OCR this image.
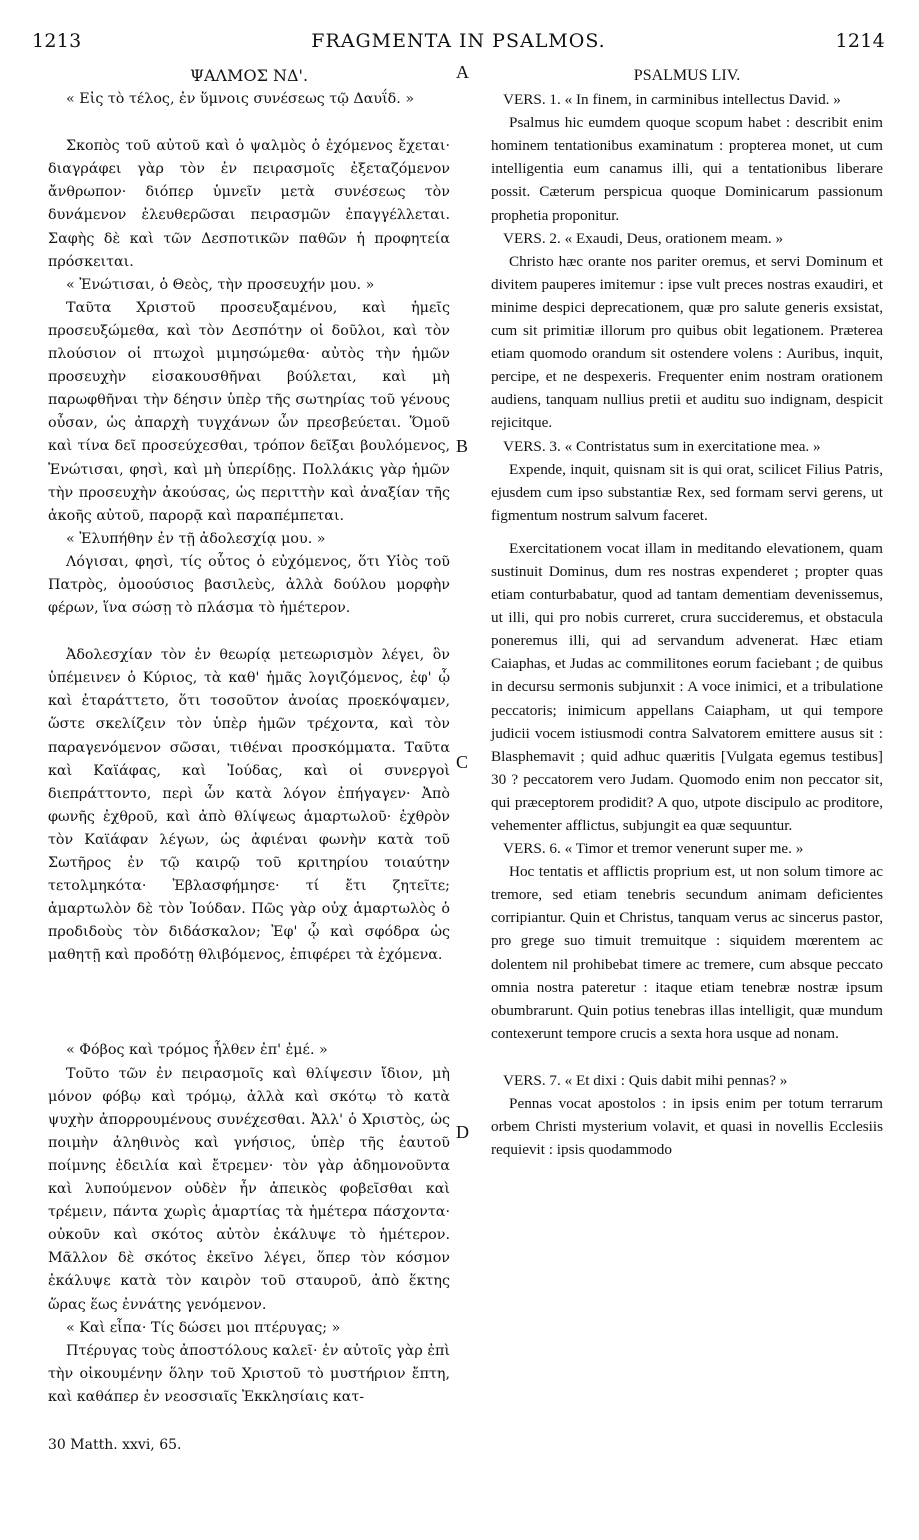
1213	FRAGMENTA IN PSALMOS.	1214
A
B
C
D

ΨΑΛΜΟΣ ΝΔ'.

« Εἰς τὸ τέλος, ἐν ὕμνοις συνέσεως τῷ Δαυΐδ. »

Σκοπὸς τοῦ αὐτοῦ καὶ ὁ ψαλμὸς ὁ ἐχόμενος ἔχεται· διαγράφει γὰρ τὸν ἐν πειρασμοῖς ἐξεταζόμενον ἄνθρωπον· διόπερ ὑμνεῖν μετὰ συνέσεως τὸν δυνάμενον ἐλευθερῶσαι πειρασμῶν ἐπαγγέλλεται. Σαφὴς δὲ καὶ τῶν Δεσποτικῶν παθῶν ἡ προφητεία πρόσκειται.

« Ἐνώτισαι, ὁ Θεὸς, τὴν προσευχήν μου. »

Ταῦτα Χριστοῦ προσευξαμένου, καὶ ἡμεῖς προσευξώμεθα, καὶ τὸν Δεσπότην οἱ δοῦλοι, καὶ τὸν πλούσιον οἱ πτωχοὶ μιμησώμεθα· αὐτὸς τὴν ἡμῶν προσευχὴν εἰσακουσθῆναι βούλεται, καὶ μὴ παρωφθῆναι τὴν δέησιν ὑπὲρ τῆς σωτηρίας τοῦ γένους οὖσαν, ὡς ἀπαρχὴ τυγχάνων ὧν πρεσβεύεται. Ὅμοῦ καὶ τίνα δεῖ προσεύχεσθαι, τρόπον δεῖξαι βουλόμενος, Ἐνώτισαι, φησὶ, καὶ μὴ ὑπερίδῃς. Πολλάκις γὰρ ἡμῶν τὴν προσευχὴν ἀκούσας, ὡς περιττὴν καὶ ἀναξίαν τῆς ἀκοῆς αὐτοῦ, παρορᾷ καὶ παραπέμπεται.

« Ἐλυπήθην ἐν τῇ ἀδολεσχίᾳ μου. »

Λόγισαι, φησὶ, τίς οὗτος ὁ εὐχόμενος, ὅτι Υἱὸς τοῦ Πατρὸς, ὁμοούσιος βασιλεὺς, ἀλλὰ δούλου μορφὴν φέρων, ἵνα σώσῃ τὸ πλάσμα τὸ ἡμέτερον.

Ἀδολεσχίαν τὸν ἐν θεωρίᾳ μετεωρισμὸν λέγει, ὃν ὑπέμεινεν ὁ Κύριος, τὰ καθ' ἡμᾶς λογιζόμενος, ἐφ' ᾧ καὶ ἐταράττετο, ὅτι τοσοῦτον ἀνοίας προεκόψαμεν, ὥστε σκελίζειν τὸν ὑπὲρ ἡμῶν τρέχοντα, καὶ τὸν παραγενόμενον σῶσαι, τιθέναι προσκόμματα. Ταῦτα καὶ Καϊάφας, καὶ Ἰούδας, καὶ οἱ συνεργοὶ διεπράττοντο, περὶ ὧν κατὰ λόγον ἐπήγαγεν· Ἀπὸ φωνῆς ἐχθροῦ, καὶ ἀπὸ θλίψεως ἁμαρτωλοῦ· ἐχθρὸν τὸν Καϊάφαν λέγων, ὡς ἀφιέναι φωνὴν κατὰ τοῦ Σωτῆρος ἐν τῷ καιρῷ τοῦ κριτηρίου τοιαύτην τετολμηκότα· Ἐβλασφήμησε· τί ἔτι ζητεῖτε; ἁμαρτωλὸν δὲ τὸν Ἰούδαν. Πῶς γὰρ οὐχ ἁμαρτωλὸς ὁ προδιδοὺς τὸν διδάσκαλον; Ἐφ' ᾧ καὶ σφόδρα ὡς μαθητῇ καὶ προδότῃ θλιβόμενος, ἐπιφέρει τὰ ἐχόμενα.

« Φόβος καὶ τρόμος ἦλθεν ἐπ' ἐμέ. »

Τοῦτο τῶν ἐν πειρασμοῖς καὶ θλίψεσιν ἴδιον, μὴ μόνον φόβῳ καὶ τρόμῳ, ἀλλὰ καὶ σκότῳ τὸ κατὰ ψυχὴν ἀπορρουμένους συνέχεσθαι. Ἀλλ' ὁ Χριστὸς, ὡς ποιμὴν ἀληθινὸς καὶ γνήσιος, ὑπὲρ τῆς ἑαυτοῦ ποίμνης ἐδειλία καὶ ἔτρεμεν· τὸν γὰρ ἀδημονοῦντα καὶ λυπούμενον οὐδὲν ἦν ἀπεικὸς φοβεῖσθαι καὶ τρέμειν, πάντα χωρὶς ἁμαρτίας τὰ ἡμέτερα πάσχοντα· οὐκοῦν καὶ σκότος αὐτὸν ἐκάλυψε τὸ ἡμέτερον. Μᾶλλον δὲ σκότος ἐκεῖνο λέγει, ὅπερ τὸν κόσμον ἐκάλυψε κατὰ τὸν καιρὸν τοῦ σταυροῦ, ἀπὸ ἕκτης ὥρας ἕως ἐννάτης γενόμενον.

« Καὶ εἶπα· Τίς δώσει μοι πτέρυγας; »

Πτέρυγας τοὺς ἀποστόλους καλεῖ· ἐν αὐτοῖς γὰρ ἐπὶ τὴν οἰκουμένην ὅλην τοῦ Χριστοῦ τὸ μυστήριον ἔπτη, καὶ καθάπερ ἐν νεοσσιαῖς Ἐκκλησίαις κατ-

PSALMUS LIV.

VERS. 1. « In finem, in carminibus intellectus David. »

Psalmus hic eumdem quoque scopum habet : describit enim hominem tentationibus examinatum : propterea monet, ut cum intelligentia eum canamus illi, qui a tentationibus liberare possit. Cæterum perspicua quoque Dominicarum passionum prophetia proponitur.

VERS. 2. « Exaudi, Deus, orationem meam. »

Christo hæc orante nos pariter oremus, et servi Dominum et divitem pauperes imitemur : ipse vult preces nostras exaudiri, et minime despici deprecationem, quæ pro salute generis exsistat, cum sit primitiæ illorum pro quibus obit legationem. Præterea etiam quomodo orandum sit ostendere volens : Auribus, inquit, percipe, et ne despexeris. Frequenter enim nostram orationem audiens, tanquam nullius pretii et auditu suo indignam, despicit rejicitque.

VERS. 3. « Contristatus sum in exercitatione mea. »

Expende, inquit, quisnam sit is qui orat, scilicet Filius Patris, ejusdem cum ipso substantiæ Rex, sed formam servi gerens, ut figmentum nostrum salvum faceret.

Exercitationem vocat illam in meditando elevationem, quam sustinuit Dominus, dum res nostras expenderet ; propter quas etiam conturbabatur, quod ad tantam dementiam devenissemus, ut illi, qui pro nobis curreret, crura succideremus, et obstacula poneremus illi, qui ad servandum advenerat. Hæc etiam Caiaphas, et Judas ac commilitones eorum faciebant ; de quibus in decursu sermonis subjunxit : A voce inimici, et a tribulatione peccatoris; inimicum appellans Caiapham, ut qui tempore judicii vocem istiusmodi contra Salvatorem emittere ausus sit : Blasphemavit ; quid adhuc quæritis [Vulgata egemus testibus] 30 ? peccatorem vero Judam. Quomodo enim non peccator sit, qui præceptorem prodidit? A quo, utpote discipulo ac proditore, vehementer afflictus, subjungit ea quæ sequuntur.

VERS. 6. « Timor et tremor venerunt super me. »

Hoc tentatis et afflictis proprium est, ut non solum timore ac tremore, sed etiam tenebris secundum animam deficientes corripiantur. Quin et Christus, tanquam verus ac sincerus pastor, pro grege suo timuit tremuitque : siquidem mœrentem ac dolentem nil prohibebat timere ac tremere, cum absque peccato omnia nostra pateretur : itaque etiam tenebræ nostræ ipsum obumbrarunt. Quin potius tenebras illas intelligit, quæ mundum contexerunt tempore crucis a sexta hora usque ad nonam.

VERS. 7. « Et dixi : Quis dabit mihi pennas? »

Pennas vocat apostolos : in ipsis enim per totum terrarum orbem Christi mysterium volavit, et quasi in novellis Ecclesiis requievit : ipsis quodammodo

30 Matth. xxvi, 65.
